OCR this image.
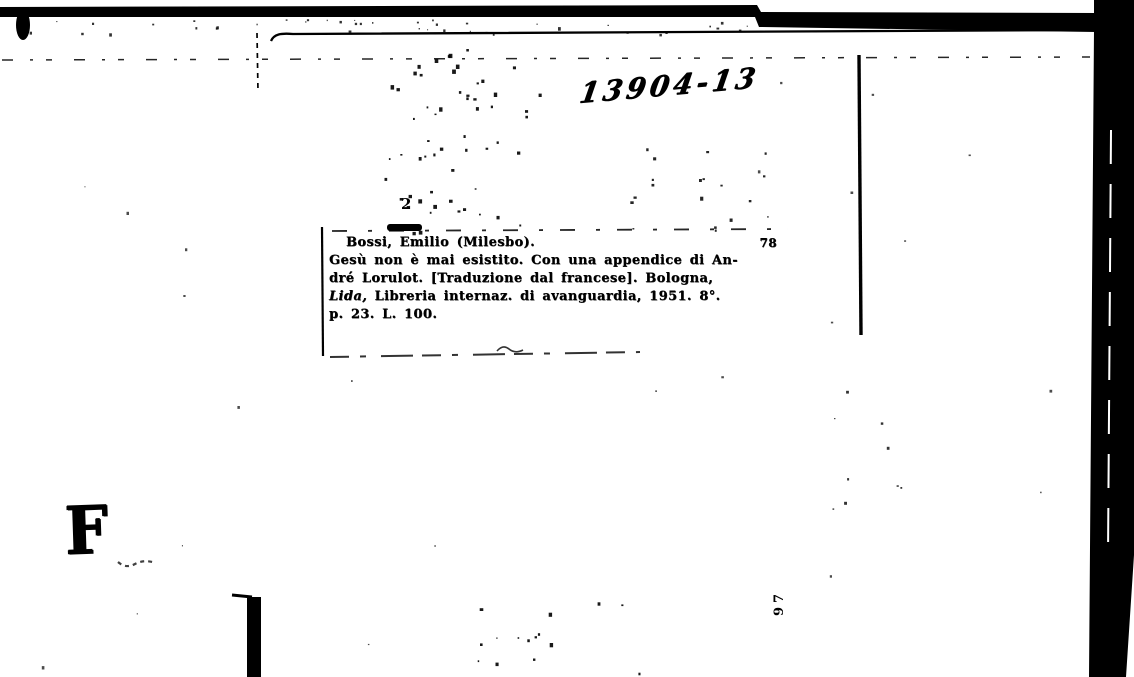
13904-13
2
Bossi, Emilio (Milesbo).	78
Gesù non è mai esistito. Con una appendice di An-
dré Lorulot. [Traduzione dal francese]. Bologna,
Lida, Libreria internaz. di avanguardia, 1951. 8°.
p. 23. L. 100.
F
97
